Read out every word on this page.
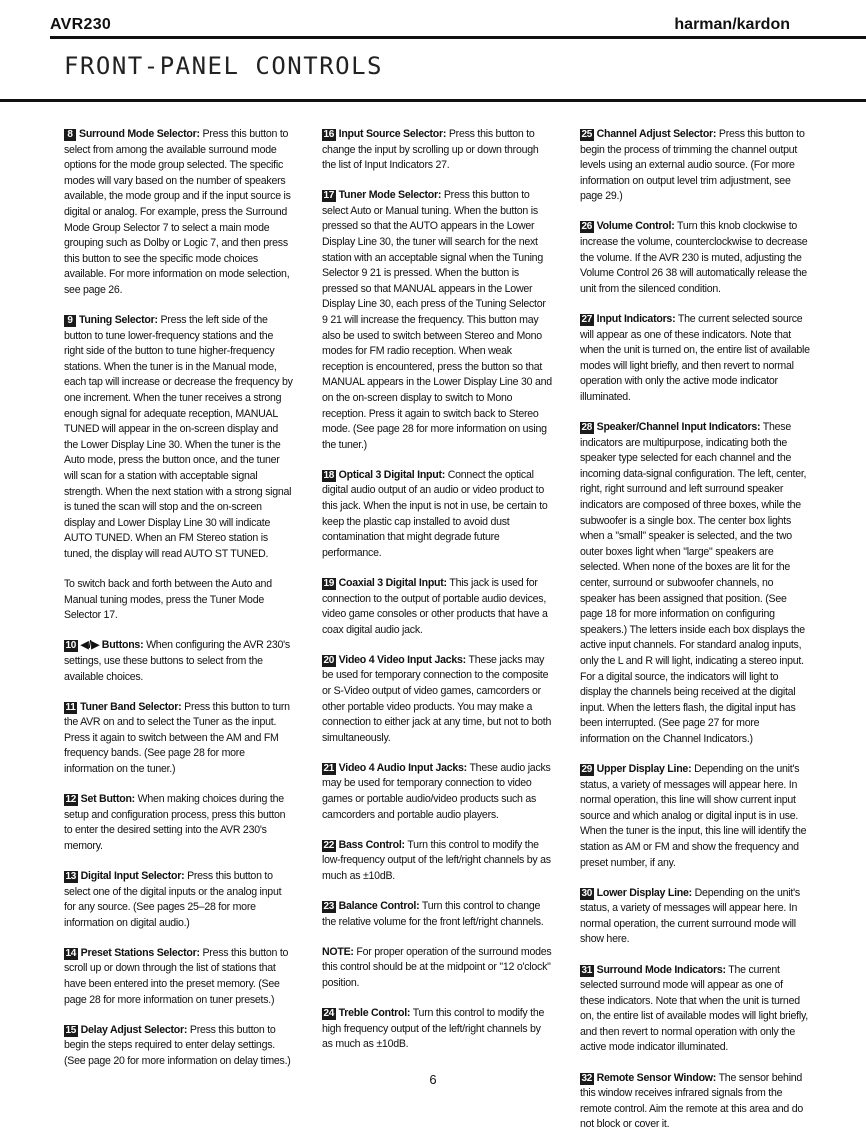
AVR230	harman/kardon
FRONT-PANEL CONTROLS

8 Surround Mode Selector: Press this button to select from among the available surround mode options for the mode group selected. The specific modes will vary based on the number of speakers available, the mode group and if the input source is digital or analog. For example, press the Surround Mode Group Selector 7 to select a main mode grouping such as Dolby or Logic 7, and then press this button to see the specific mode choices available. For more information on mode selection, see page 26.

9 Tuning Selector: Press the left side of the button to tune lower-frequency stations and the right side of the button to tune higher-frequency stations. When the tuner is in the Manual mode, each tap will increase or decrease the frequency by one increment. When the tuner receives a strong enough signal for adequate reception, MANUAL TUNED will appear in the on-screen display and the Lower Display Line 30. When the tuner is the Auto mode, press the button once, and the tuner will scan for a station with acceptable signal strength. When the next station with a strong signal is tuned the scan will stop and the on-screen display and Lower Display Line 30 will indicate AUTO TUNED. When an FM Stereo station is tuned, the display will read AUTO ST TUNED.

To switch back and forth between the Auto and Manual tuning modes, press the Tuner Mode Selector 17.

10 ◀/▶ Buttons: When configuring the AVR 230's settings, use these buttons to select from the available choices.

11 Tuner Band Selector: Press this button to turn the AVR on and to select the Tuner as the input. Press it again to switch between the AM and FM frequency bands. (See page 28 for more information on the tuner.)

12 Set Button: When making choices during the setup and configuration process, press this button to enter the desired setting into the AVR 230's memory.

13 Digital Input Selector: Press this button to select one of the digital inputs or the analog input for any source. (See pages 25–28 for more information on digital audio.)

14 Preset Stations Selector: Press this button to scroll up or down through the list of stations that have been entered into the preset memory. (See page 28 for more information on tuner presets.)

15 Delay Adjust Selector: Press this button to begin the steps required to enter delay settings. (See page 20 for more information on delay times.)

16 Input Source Selector: Press this button to change the input by scrolling up or down through the list of Input Indicators 27.

17 Tuner Mode Selector: Press this button to select Auto or Manual tuning. When the button is pressed so that the AUTO appears in the Lower Display Line 30, the tuner will search for the next station with an acceptable signal when the Tuning Selector 9 21 is pressed. When the button is pressed so that MANUAL appears in the Lower Display Line 30, each press of the Tuning Selector 9 21 will increase the frequency. This button may also be used to switch between Stereo and Mono modes for FM radio reception. When weak reception is encountered, press the button so that MANUAL appears in the Lower Display Line 30 and on the on-screen display to switch to Mono reception. Press it again to switch back to Stereo mode. (See page 28 for more information on using the tuner.)

18 Optical 3 Digital Input: Connect the optical digital audio output of an audio or video product to this jack. When the input is not in use, be certain to keep the plastic cap installed to avoid dust contamination that might degrade future performance.

19 Coaxial 3 Digital Input: This jack is used for connection to the output of portable audio devices, video game consoles or other products that have a coax digital audio jack.

20 Video 4 Video Input Jacks: These jacks may be used for temporary connection to the composite or S-Video output of video games, camcorders or other portable video products. You may make a connection to either jack at any time, but not to both simultaneously.

21 Video 4 Audio Input Jacks: These audio jacks may be used for temporary connection to video games or portable audio/video products such as camcorders and portable audio players.

22 Bass Control: Turn this control to modify the low-frequency output of the left/right channels by as much as ±10dB.

23 Balance Control: Turn this control to change the relative volume for the front left/right channels.

NOTE: For proper operation of the surround modes this control should be at the midpoint or "12 o'clock" position.

24 Treble Control: Turn this control to modify the high frequency output of the left/right channels by as much as ±10dB.

25 Channel Adjust Selector: Press this button to begin the process of trimming the channel output levels using an external audio source. (For more information on output level trim adjustment, see page 29.)

26 Volume Control: Turn this knob clockwise to increase the volume, counterclockwise to decrease the volume. If the AVR 230 is muted, adjusting the Volume Control 26 38 will automatically release the unit from the silenced condition.

27 Input Indicators: The current selected source will appear as one of these indicators. Note that when the unit is turned on, the entire list of available modes will light briefly, and then revert to normal operation with only the active mode indicator illuminated.

28 Speaker/Channel Input Indicators: These indicators are multipurpose, indicating both the speaker type selected for each channel and the incoming data-signal configuration. The left, center, right, right surround and left surround speaker indicators are composed of three boxes, while the subwoofer is a single box. The center box lights when a "small" speaker is selected, and the two outer boxes light when "large" speakers are selected. When none of the boxes are lit for the center, surround or subwoofer channels, no speaker has been assigned that position. (See page 18 for more information on configuring speakers.) The letters inside each box displays the active input channels. For standard analog inputs, only the L and R will light, indicating a stereo input. For a digital source, the indicators will light to display the channels being received at the digital input. When the letters flash, the digital input has been interrupted. (See page 27 for more information on the Channel Indicators.)

29 Upper Display Line: Depending on the unit's status, a variety of messages will appear here. In normal operation, this line will show current input source and which analog or digital input is in use. When the tuner is the input, this line will identify the station as AM or FM and show the frequency and preset number, if any.

30 Lower Display Line: Depending on the unit's status, a variety of messages will appear here. In normal operation, the current surround mode will show here.

31 Surround Mode Indicators: The current selected surround mode will appear as one of these indicators. Note that when the unit is turned on, the entire list of available modes will light briefly, and then revert to normal operation with only the active mode indicator illuminated.

32 Remote Sensor Window: The sensor behind this window receives infrared signals from the remote control. Aim the remote at this area and do not block or cover it.

6
